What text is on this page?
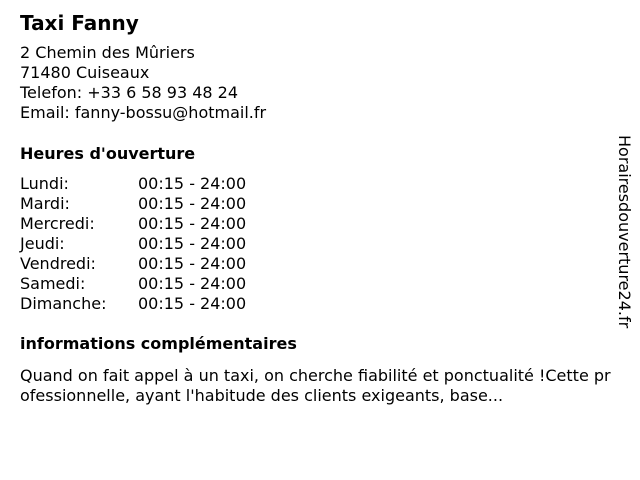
Taxi Fanny
2 Chemin des Mûriers
71480 Cuiseaux
Telefon: +33 6 58 93 48 24
Email: fanny-bossu@hotmail.fr
Heures d'ouverture
Lundi:	00:15 - 24:00
Mardi:	00:15 - 24:00
Mercredi:	00:15 - 24:00
Jeudi:	00:15 - 24:00
Vendredi:	00:15 - 24:00
Samedi:	00:15 - 24:00
Dimanche:	00:15 - 24:00
informations complémentaires
Quand on fait appel à un taxi, on cherche fiabilité et ponctualité !Cette professionnelle, ayant l'habitude des clients exigeants, base...
Horairesdouverture24.fr
